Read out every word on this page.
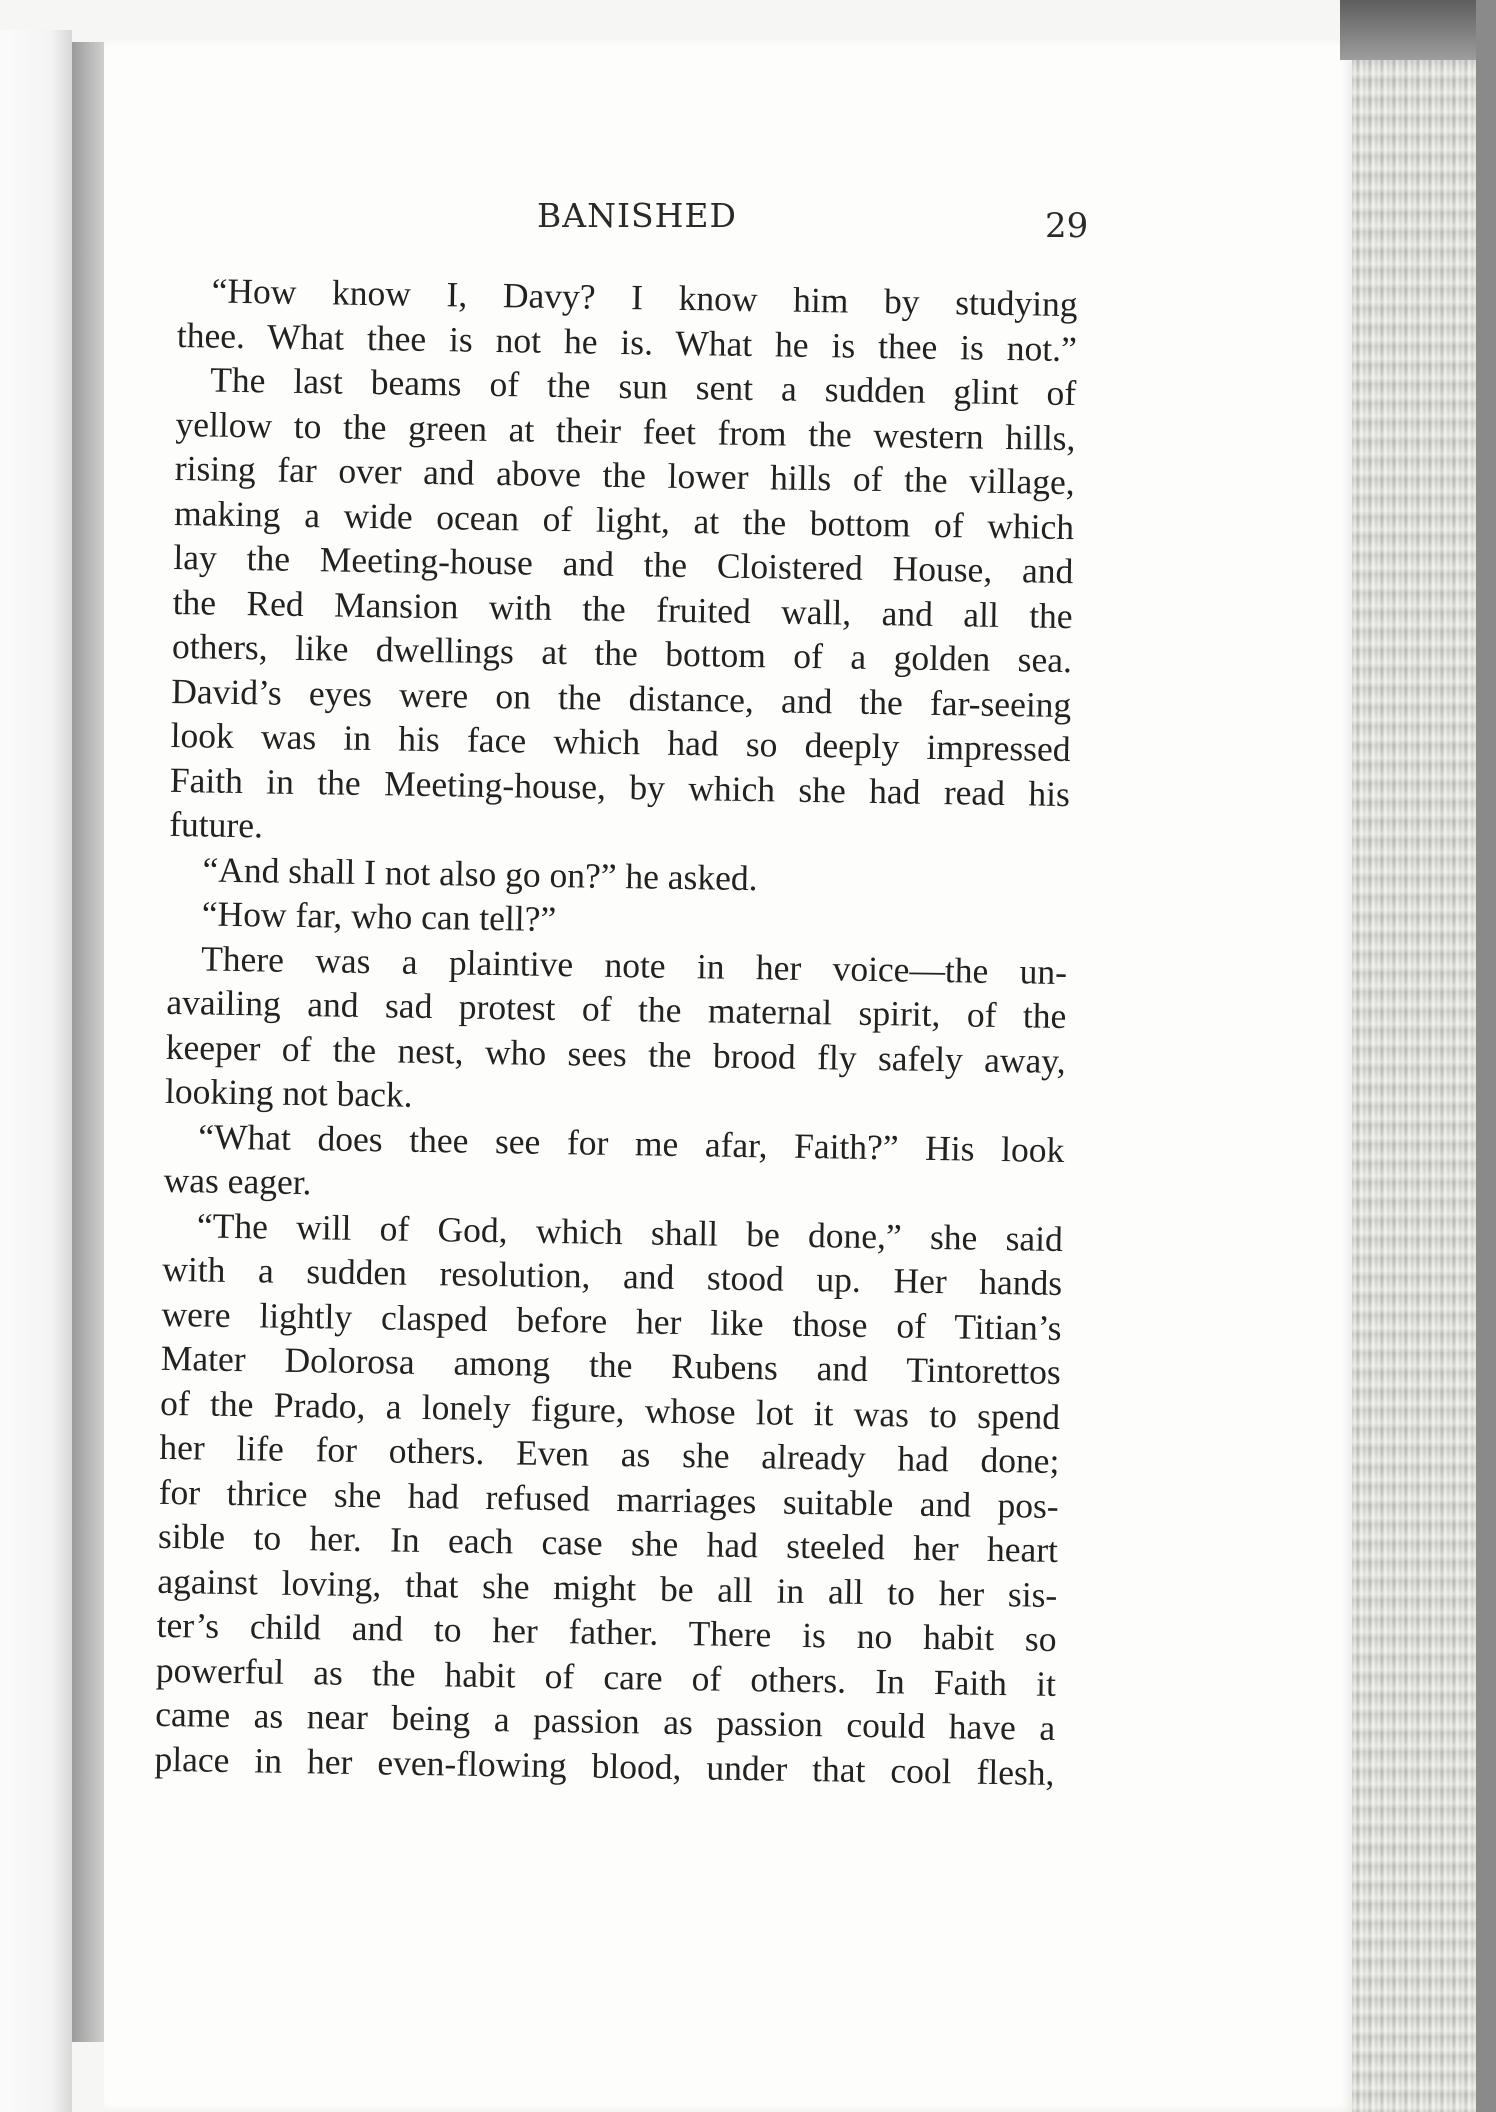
BANISHED	29
“How know I, Davy? I know him by studying
thee. What thee is not he is. What he is thee is not.”
The last beams of the sun sent a sudden glint of
yellow to the green at their feet from the western hills,
rising far over and above the lower hills of the village,
making a wide ocean of light, at the bottom of which
lay the Meeting-house and the Cloistered House, and
the Red Mansion with the fruited wall, and all the
others, like dwellings at the bottom of a golden sea.
David’s eyes were on the distance, and the far-seeing
look was in his face which had so deeply impressed
Faith in the Meeting-house, by which she had read his
future.
“And shall I not also go on?” he asked.
“How far, who can tell?”
There was a plaintive note in her voice—the un-
availing and sad protest of the maternal spirit, of the
keeper of the nest, who sees the brood fly safely away,
looking not back.
“What does thee see for me afar, Faith?” His look
was eager.
“The will of God, which shall be done,” she said
with a sudden resolution, and stood up. Her hands
were lightly clasped before her like those of Titian’s
Mater Dolorosa among the Rubens and Tintorettos
of the Prado, a lonely figure, whose lot it was to spend
her life for others. Even as she already had done;
for thrice she had refused marriages suitable and pos-
sible to her. In each case she had steeled her heart
against loving, that she might be all in all to her sis-
ter’s child and to her father. There is no habit so
powerful as the habit of care of others. In Faith it
came as near being a passion as passion could have a
place in her even-flowing blood, under that cool flesh,
